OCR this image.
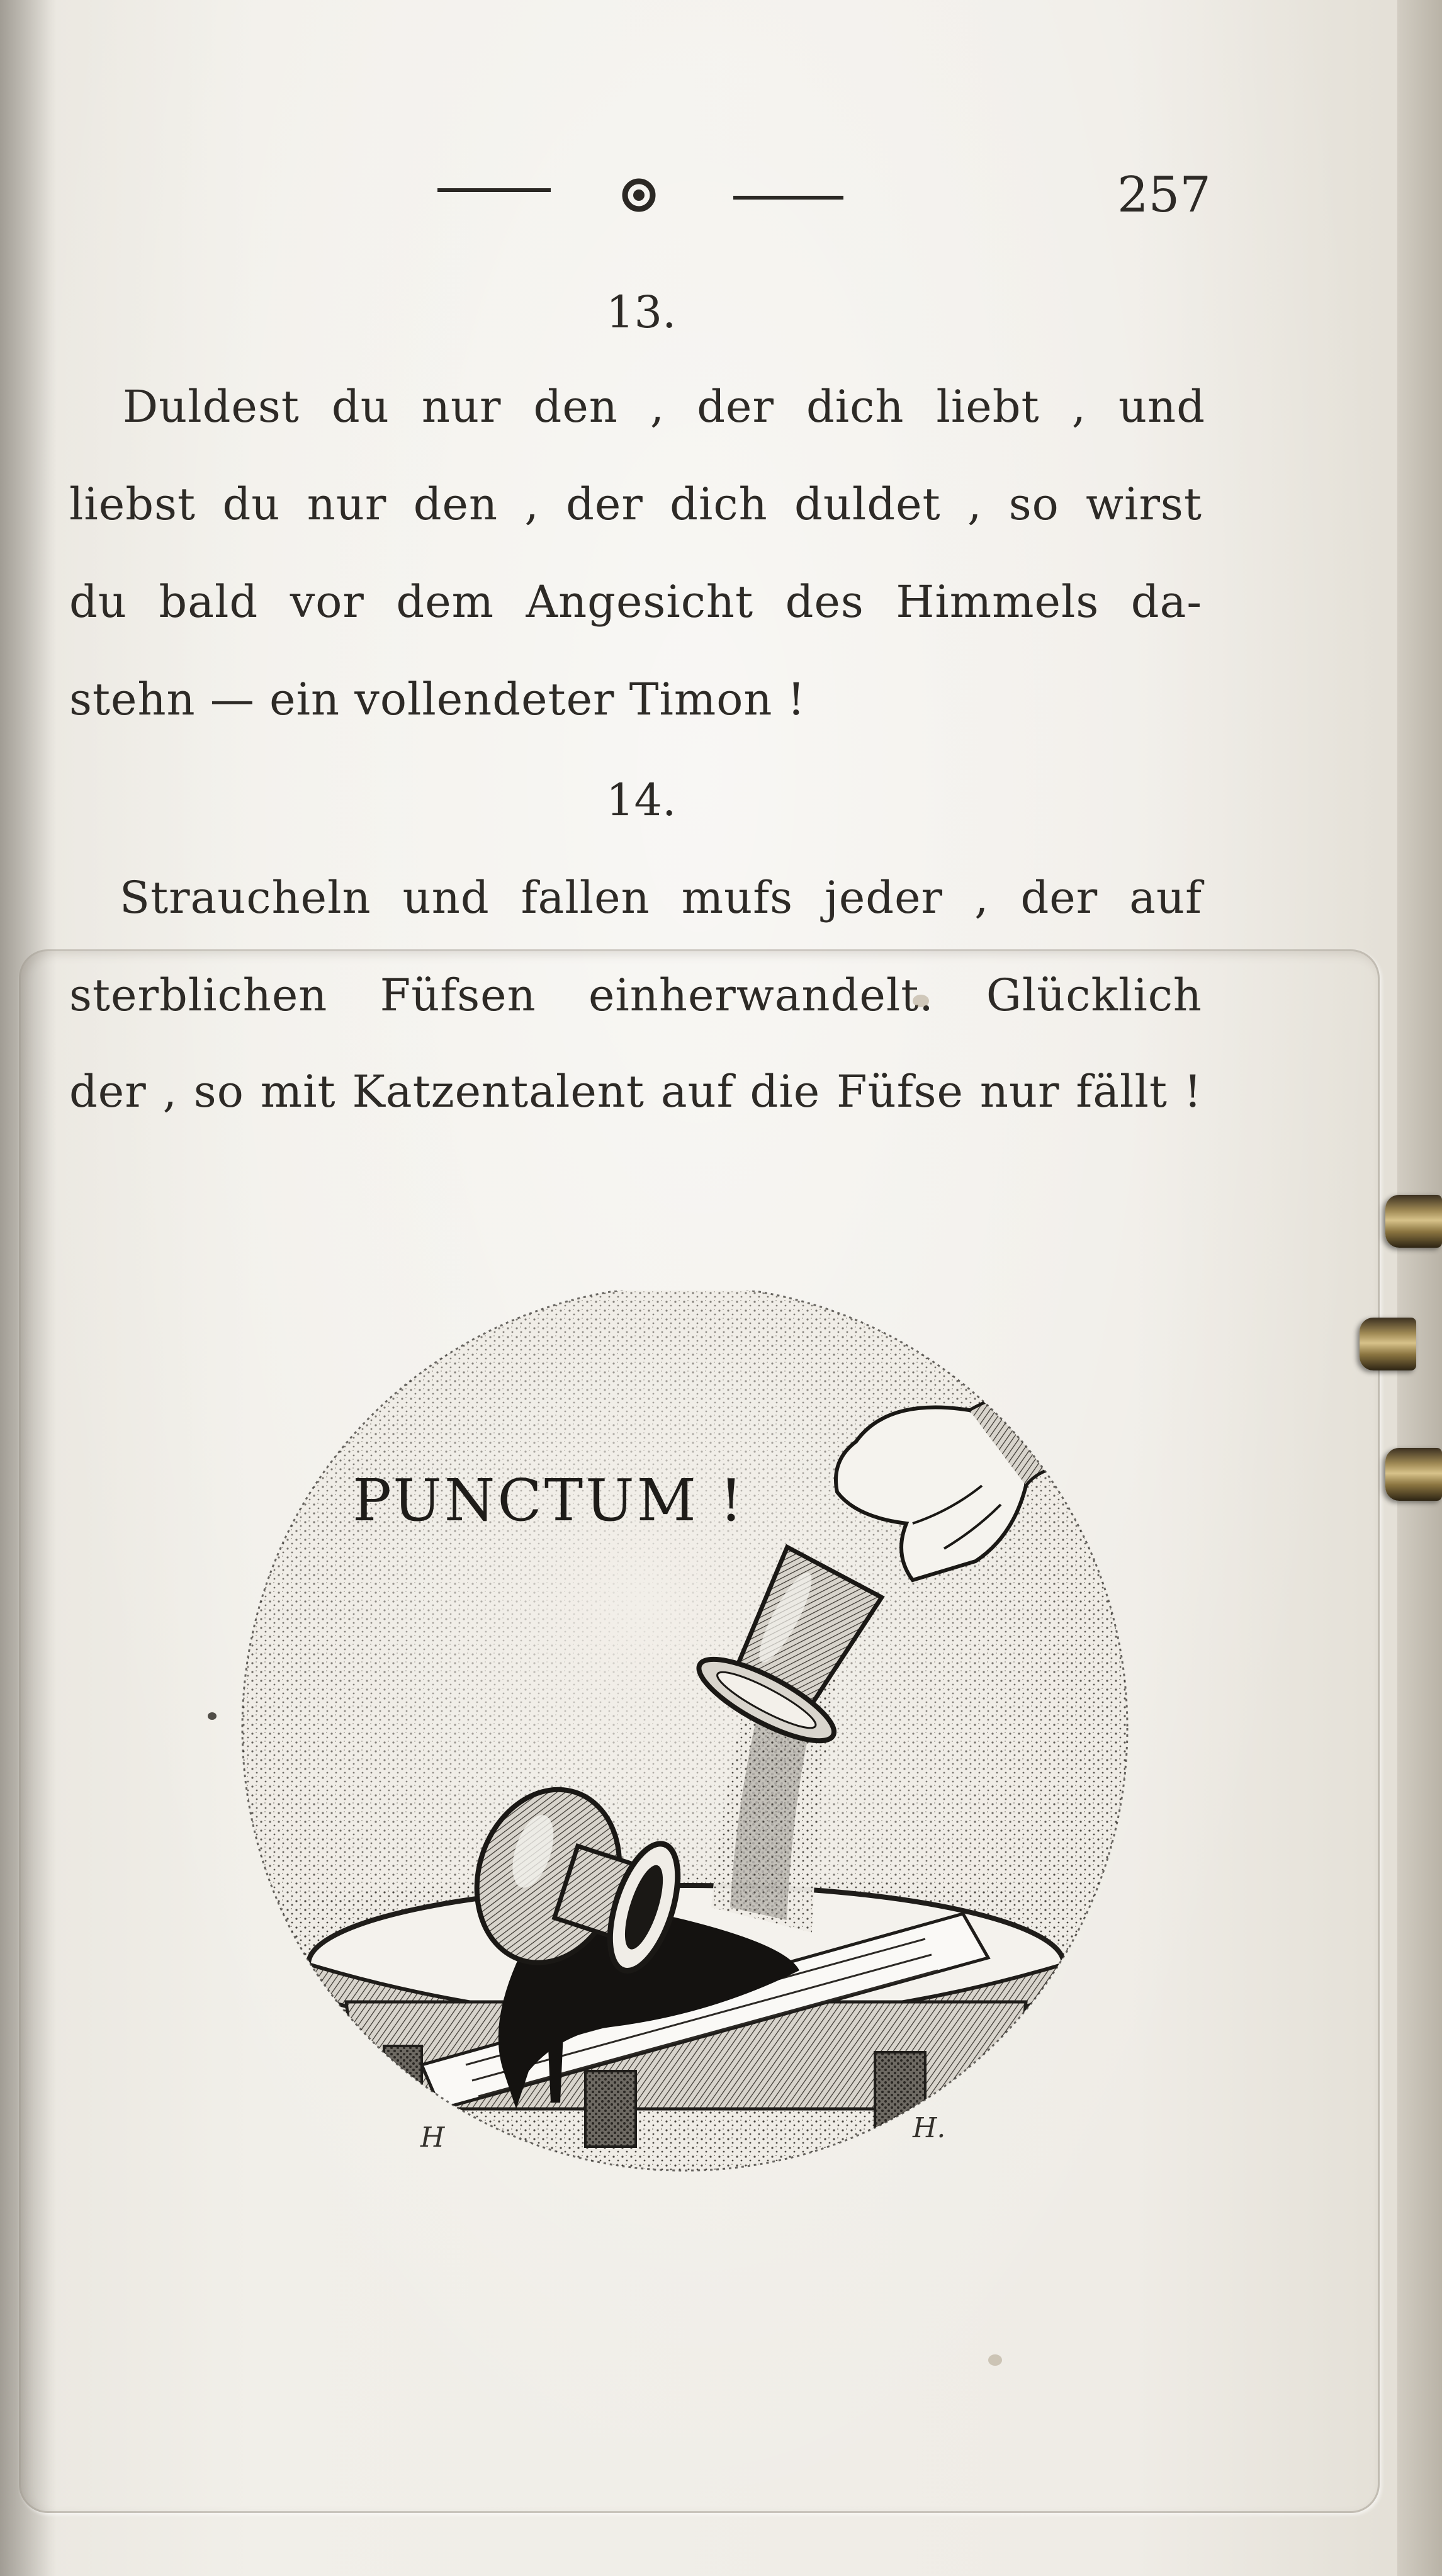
257
13.
Duldest du nur den , der dich liebt , und
liebst du nur den , der dich duldet , so wirst
du bald vor dem Angesicht des Himmels da-
stehn — ein vollendeter Timon !
14.
Straucheln und fallen mufs jeder , der auf
sterblichen Füfsen einherwandelt. Glücklich
der , so mit Katzentalent auf die Füfse nur fällt !
PUNCTUM !
H	H.
